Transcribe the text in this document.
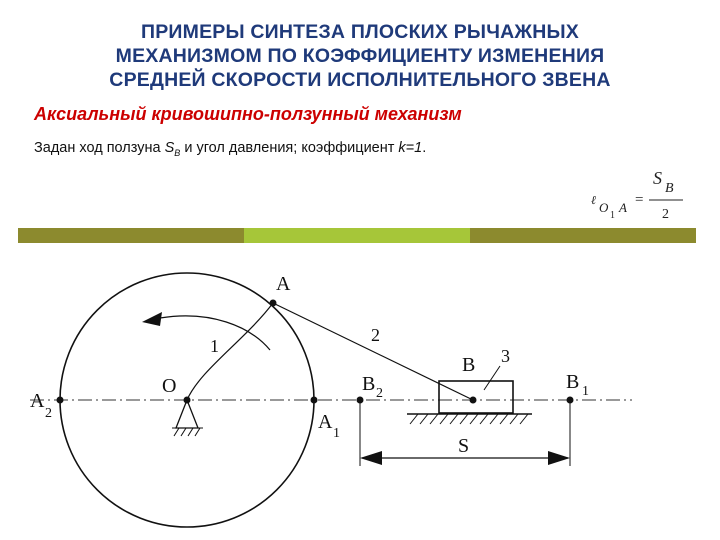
ПРИМЕРЫ СИНТЕЗА ПЛОСКИХ РЫЧАЖНЫХ
МЕХАНИЗМОМ ПО КОЭФФИЦИЕНТУ ИЗМЕНЕНИЯ
СРЕДНЕЙ СКОРОСТИ ИСПОЛНИТЕЛЬНОГО ЗВЕНА
Аксиальный кривошипно-ползунный механизм
Задан ход ползуна $S_B$ и угол давления; коэффициент k=1.
ℓ O
1
A =
S
B
2
A
O
B
A
2	A
1
B 2
B 1
1
2
3
S
